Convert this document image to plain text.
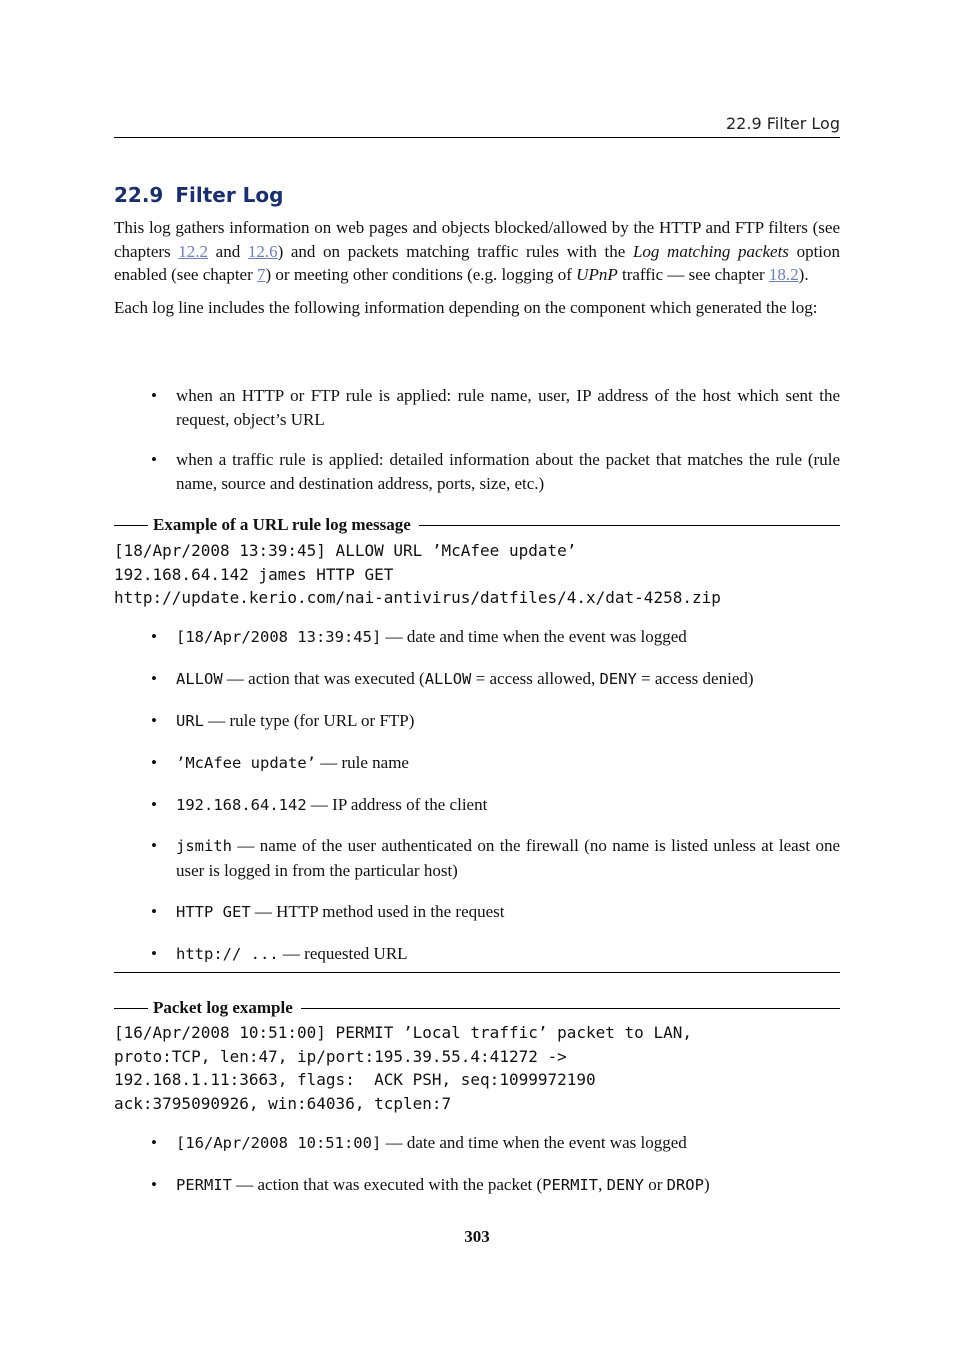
22.9 Filter Log
22.9 Filter Log

This log gathers information on web pages and objects blocked/allowed by the HTTP and FTP filters (see chapters 12.2 and 12.6) and on packets matching traffic rules with the Log matching packets option enabled (see chapter 7) or meeting other conditions (e.g. logging of UPnP traffic — see chapter 18.2).

Each log line includes the following information depending on the component which generated the log:

• when an HTTP or FTP rule is applied: rule name, user, IP address of the host which sent the request, object’s URL
• when a traffic rule is applied: detailed information about the packet that matches the rule (rule name, source and destination address, ports, size, etc.)
Example of a URL rule log message
[18/Apr/2008 13:39:45] ALLOW URL ’McAfee update’
192.168.64.142 james HTTP GET
http://update.kerio.com/nai-antivirus/datfiles/4.x/dat-4258.zip
• [18/Apr/2008 13:39:45] — date and time when the event was logged
• ALLOW — action that was executed (ALLOW = access allowed, DENY = access denied)
• URL — rule type (for URL or FTP)
• ’McAfee update’ — rule name
• 192.168.64.142 — IP address of the client
• jsmith — name of the user authenticated on the firewall (no name is listed unless at least one user is logged in from the particular host)
• HTTP GET — HTTP method used in the request
• http:// ... — requested URL
Packet log example
[16/Apr/2008 10:51:00] PERMIT ’Local traffic’ packet to LAN,
proto:TCP, len:47, ip/port:195.39.55.4:41272 ->
192.168.1.11:3663, flags:  ACK PSH, seq:1099972190
ack:3795090926, win:64036, tcplen:7
• [16/Apr/2008 10:51:00] — date and time when the event was logged
• PERMIT — action that was executed with the packet (PERMIT, DENY or DROP)
303
